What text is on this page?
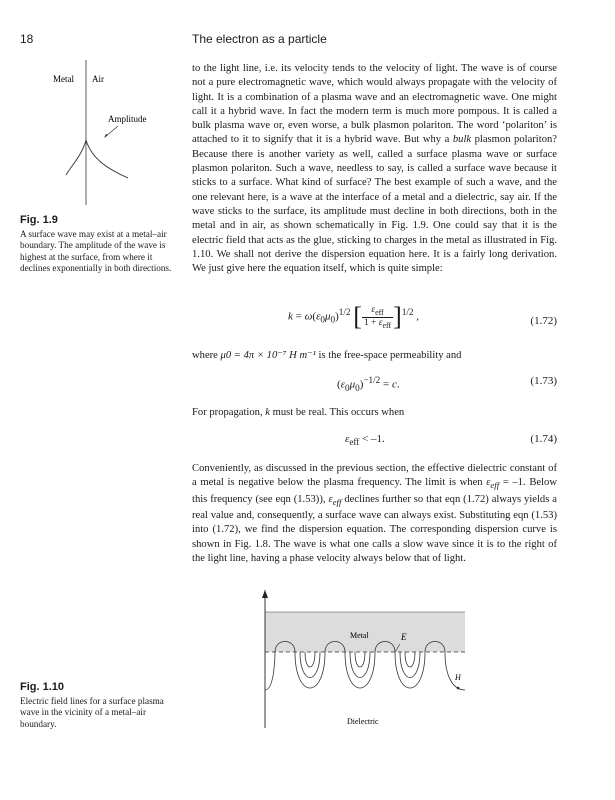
18	The electron as a particle
Metal Air
Amplitude
Fig. 1.9
A surface wave may exist at a metal–air boundary. The amplitude of the wave is highest at the surface, from where it declines exponentially in both directions.
to the light line, i.e. its velocity tends to the velocity of light. The wave is of course not a pure electromagnetic wave, which would always propagate with the velocity of light. It is a combination of a plasma wave and an electromagnetic wave. One might call it a hybrid wave. In fact the modern term is much more pompous. It is called a bulk plasma wave or, even worse, a bulk plasmon polariton. The word ‘polariton’ is attached to it to signify that it is a hybrid wave. But why a bulk plasmon polariton? Because there is another variety as well, called a surface plasma wave or surface plasmon polariton. Such a wave, needless to say, is called a surface wave because it sticks to a surface. What kind of surface? The best example of such a wave, and the one relevant here, is a wave at the interface of a metal and a dielectric, say air. If the wave sticks to the surface, its amplitude must decline in both directions, both in the metal and in air, as shown schematically in Fig. 1.9. One could say that it is the electric field that acts as the glue, sticking to charges in the metal as illustrated in Fig. 1.10. We shall not derive the dispersion equation here. It is a fairly long derivation. We just give here the equation itself, which is quite simple:
$k = \omega(\varepsilon_0\mu_0)^{1/2}$ [ $\frac{\varepsilon_{eff}}{1 + \varepsilon_{eff}} ]^{1/2}$ ,	(1.72)
where μ0 = 4π × 10⁻⁷ H m⁻¹ is the free-space permeability and
$(\varepsilon_0\mu_0)^{-1/2} = c$.	(1.73)
For propagation, k must be real. This occurs when
$\varepsilon_{eff} < -1$.	(1.74)
Conveniently, as discussed in the previous section, the effective dielectric constant of a metal is negative below the plasma frequency. The limit is when $\varepsilon_{eff} = -1$. Below this frequency (see eqn (1.53)), $\varepsilon_{eff}$ declines further so that eqn (1.72) always yields a real value and, consequently, a surface wave can always exist. Substituting eqn (1.53) into (1.72), we find the dispersion equation. The corresponding dispersion curve is shown in Fig. 1.8. The wave is what one calls a slow wave since it is to the right of the light line, having a phase velocity always below that of light.
Metal	E
H
Dielectric
Fig. 1.10
Electric field lines for a surface plasma wave in the vicinity of a metal–air boundary.
